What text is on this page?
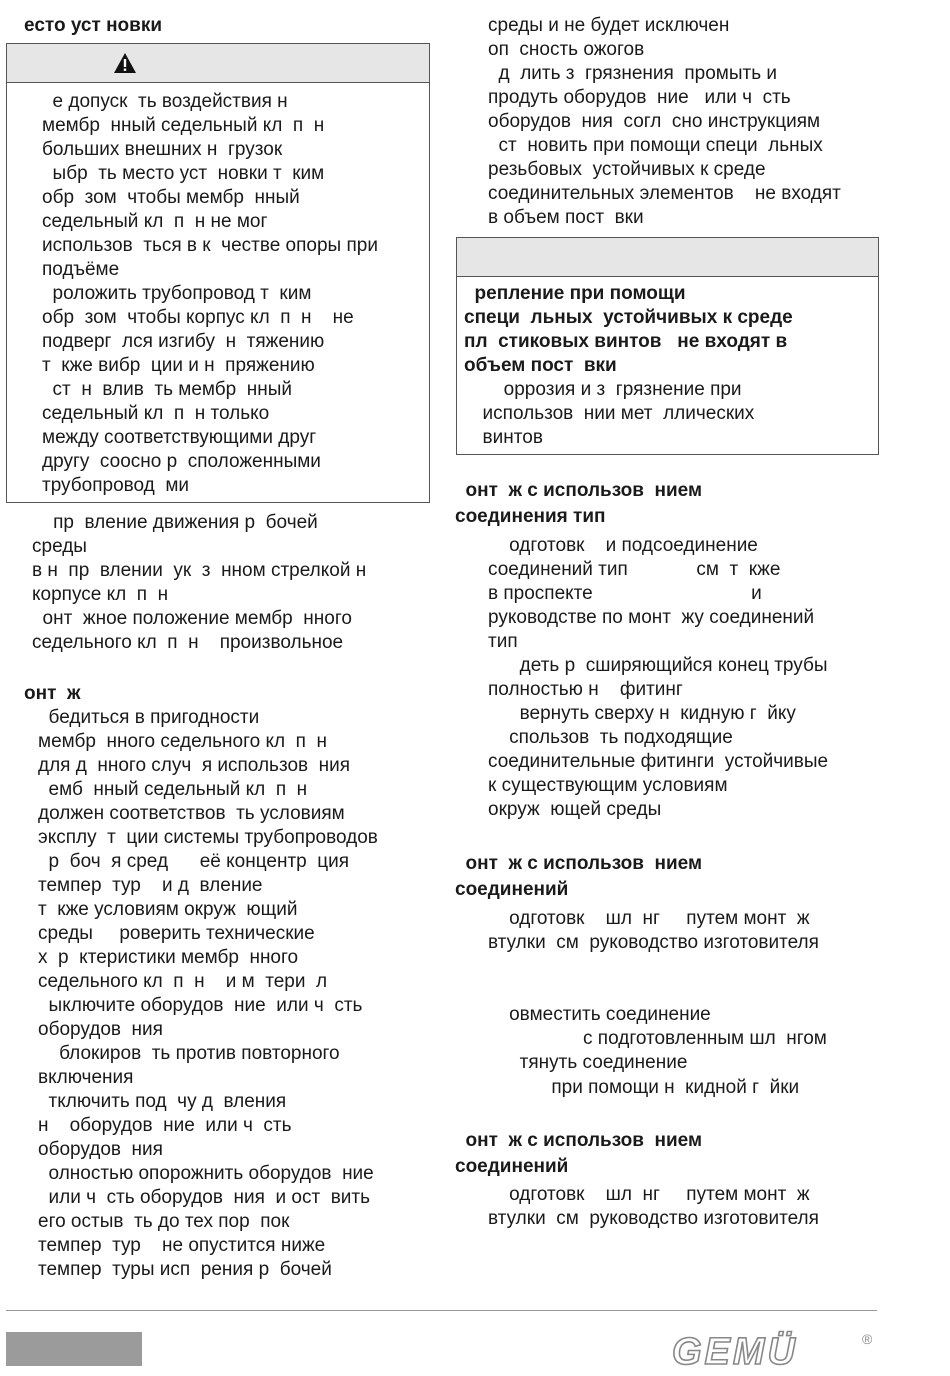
есто уст новки
е допуск  ть воздействия н
мембр  нный седельный кл  п  н
больших внешних н  грузок
ыбр  ть место уст  новки т  ким
обр  зом  чтобы мембр  нный
седельный кл  п  н не мог
использов  ться в к  честве опоры при
подъёме
роложить трубопровод т  ким
обр  зом  чтобы корпус кл  п  н    не
подверг  лся изгибу  н  тяжению
т  кже вибр  ции и н  пряжению
ст  н  влив  ть мембр  нный
седельный кл  п  н только
между соответствующими друг
другу  соосно р  сположенными
трубопровод  ми
пр  вление движения р  бочей
среды
в н  пр  влении  ук  з  нном стрелкой н
корпусе кл  п  н
онт  жное положение мембр  нного
седельного кл  п  н    произвольное
онт  ж
бедиться в пригодности
мембр  нного седельного кл  п  н
для д  нного случ  я использов  ния
емб  нный седельный кл  п  н
должен соответствов  ть условиям
эксплу  т  ции системы трубопроводов
р  боч  я сред      её концентр  ция
темпер  тур    и д  вление
т  кже условиям окруж  ющий
среды     роверить технические
х  р  ктеристики мембр  нного
седельного кл  п  н    и м  тери  л
ыключите оборудов  ние  или ч  сть
оборудов  ния
блокиров  ть против повторного
включения
тключить под  чу д  вления
н    оборудов  ние  или ч  сть
оборудов  ния
олностью опорожнить оборудов  ние
или ч  сть оборудов  ния  и ост  вить
его остыв  ть до тех пор  пок
темпер  тур    не опустится ниже
темпер  туры исп  рения р  бочей
среды и не будет исключен
оп  сность ожогов
д  лить з  грязнения  промыть и
продуть оборудов  ние   или ч  сть
оборудов  ния  согл  сно инструкциям
ст  новить при помощи специ  льных
резьбовых  устойчивых к среде
соединительных элементов    не входят
в объем пост  вки
репление при помощи
специ  льных  устойчивых к среде
пл  стиковых винтов   не входят в
объем пост  вки
оррозия и з  грязнение при
использов  нии мет  ллических
винтов
онт  ж с использов  нием
соединения тип
одготовк    и подсоединение
соединений тип             см  т  кже
в проспекте                              и
руководстве по монт  жу соединений
тип
деть р  сширяющийся конец трубы
полностью н    фитинг
вернуть сверху н  кидную г  йку
спользов  ть подходящие
соединительные фитинги  устойчивые
к существующим условиям
окруж  ющей среды
онт  ж с использов  нием
соединений
одготовк    шл  нг     путем монт  ж
втулки  см  руководство изготовителя
овместить соединение
с подготовленным шл  нгом
тянуть соединение
при помощи н  кидной г  йки
онт  ж с использов  нием
соединений
одготовк    шл  нг     путем монт  ж
втулки  см  руководство изготовителя
GEMÜ	®
